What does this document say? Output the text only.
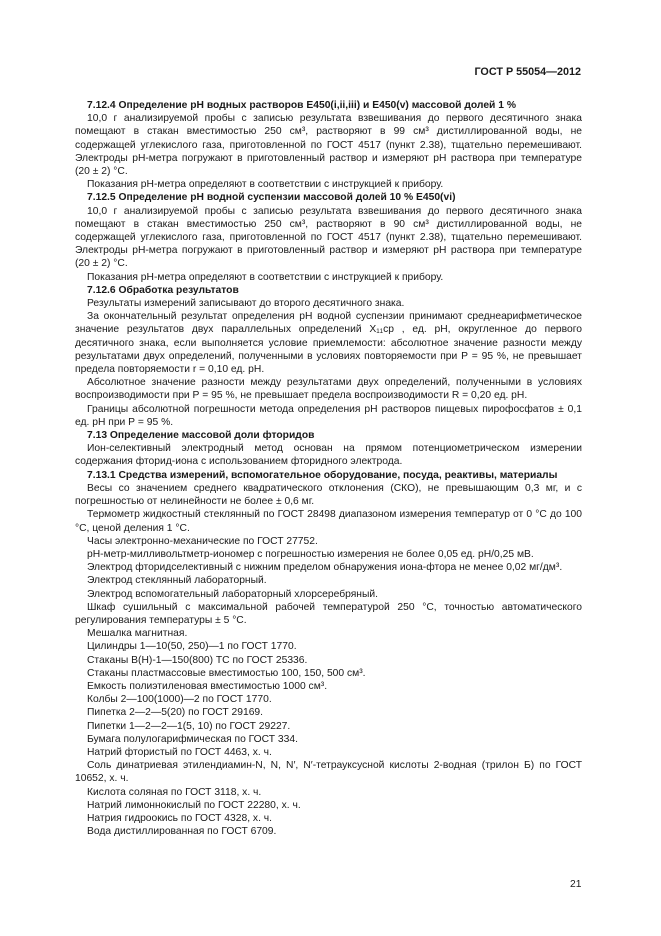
ГОСТ Р 55054—2012

7.12.4 Определение рН водных растворов Е450(i,ii,iii) и Е450(v) массовой долей 1 %

10,0 г анализируемой пробы с записью результата взвешивания до первого десятичного знака помещают в стакан вместимостью 250 см³, растворяют в 99 см³ дистиллированной воды, не содержащей углекислого газа, приготовленной по ГОСТ 4517 (пункт 2.38), тщательно перемешивают. Электроды рН-метра погружают в приготовленный раствор и измеряют рН раствора при температуре (20 ± 2) °С.

Показания рН-метра определяют в соответствии с инструкцией к прибору.

7.12.5 Определение рН водной суспензии массовой долей 10 % Е450(vi)

10,0 г анализируемой пробы с записью результата взвешивания до первого десятичного знака помещают в стакан вместимостью 250 см³, растворяют в 90 см³ дистиллированной воды, не содержащей углекислого газа, приготовленной по ГОСТ 4517 (пункт 2.38), тщательно перемешивают. Электроды рН-метра погружают в приготовленный раствор и измеряют рН раствора при температуре (20 ± 2) °С.

Показания рН-метра определяют в соответствии с инструкцией к прибору.

7.12.6 Обработка результатов

Результаты измерений записывают до второго десятичного знака.

За окончательный результат определения рН водной суспензии принимают среднеарифметическое значение результатов двух параллельных определений X₁₁ср , ед. рН, округленное до первого десятичного знака, если выполняется условие приемлемости: абсолютное значение разности между результатами двух определений, полученными в условиях повторяемости при Р = 95 %, не превышает предела повторяемости r = 0,10 ед. рН.

Абсолютное значение разности между результатами двух определений, полученными в условиях воспроизводимости при Р = 95 %, не превышает предела воспроизводимости R = 0,20 ед. рН.

Границы абсолютной погрешности метода определения рН растворов пищевых пирофосфатов ± 0,1 ед. рН при Р = 95 %.

7.13 Определение массовой доли фторидов

Ион-селективный электродный метод основан на прямом потенциометрическом измерении содержания фторид-иона с использованием фторидного электрода.

7.13.1 Средства измерений, вспомогательное оборудование, посуда, реактивы, материалы

Весы со значением среднего квадратического отклонения (СКО), не превышающим 0,3 мг, и с погрешностью от нелинейности не более ± 0,6 мг.

Термометр жидкостный стеклянный по ГОСТ 28498 диапазоном измерения температур от 0 °С до 100 °С, ценой деления 1 °С.

Часы электронно-механические по ГОСТ 27752.

рН-метр-милливольтметр-иономер с погрешностью измерения не более 0,05 ед. рН/0,25 мВ.

Электрод фторидселективный с нижним пределом обнаружения иона-фтора не менее 0,02 мг/дм³.

Электрод стеклянный лабораторный.

Электрод вспомогательный лабораторный хлорсеребряный.

Шкаф сушильный с максимальной рабочей температурой 250 °С, точностью автоматического регулирования температуры ± 5 °С.

Мешалка магнитная.

Цилиндры 1—10(50, 250)—1 по ГОСТ 1770.

Стаканы В(Н)-1—150(800) ТС по ГОСТ 25336.

Стаканы пластмассовые вместимостью 100, 150, 500 см³.

Емкость полиэтиленовая вместимостью 1000 см³.

Колбы 2—100(1000)—2 по ГОСТ 1770.

Пипетка 2—2—5(20) по ГОСТ 29169.

Пипетки 1—2—2—1(5, 10) по ГОСТ 29227.

Бумага полулогарифмическая по ГОСТ 334.

Натрий фтористый по ГОСТ 4463, х. ч.

Соль динатриевая этилендиамин-N, N, N′, N′-тетрауксусной кислоты 2-водная (трилон Б) по ГОСТ 10652, х. ч.

Кислота соляная по ГОСТ 3118, х. ч.

Натрий лимоннокислый по ГОСТ 22280, х. ч.

Натрия гидроокись по ГОСТ 4328, х. ч.

Вода дистиллированная по ГОСТ 6709.

21
